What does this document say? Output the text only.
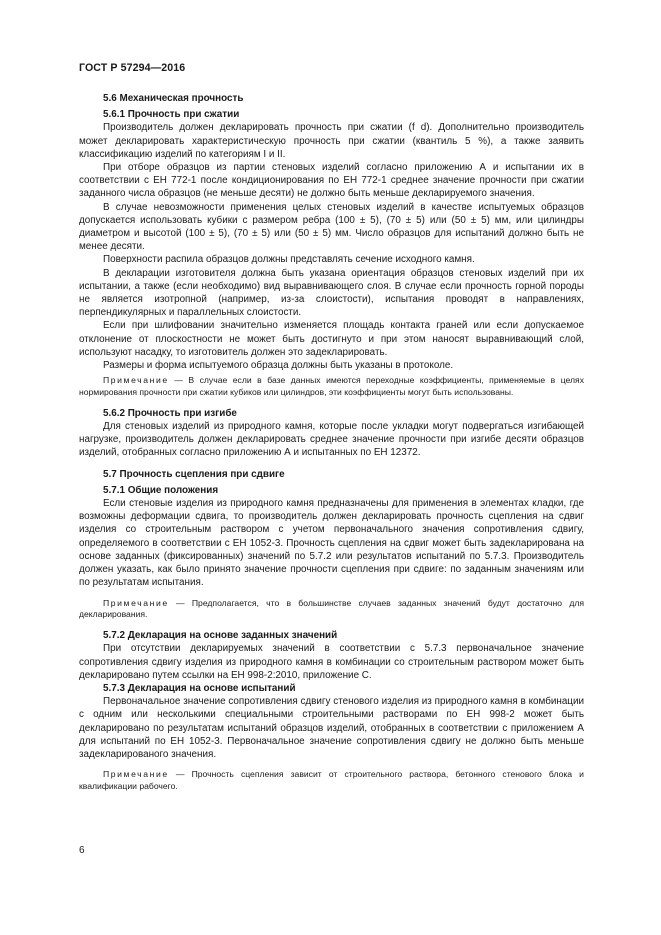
ГОСТ Р 57294—2016

5.6 Механическая прочность

5.6.1 Прочность при сжатии

Производитель должен декларировать прочность при сжатии (f d). Дополнительно производитель может декларировать характеристическую прочность при сжатии (квантиль 5 %), а также заявить классификацию изделий по категориям I и II.

При отборе образцов из партии стеновых изделий согласно приложению А и испытании их в соответствии с ЕН 772-1 после кондиционирования по ЕН 772-1 среднее значение прочности при сжатии заданного числа образцов (не меньше десяти) не должно быть меньше декларируемого значения.

В случае невозможности применения целых стеновых изделий в качестве испытуемых образцов допускается использовать кубики с размером ребра (100 ± 5), (70 ± 5) или (50 ± 5) мм, или цилиндры диаметром и высотой (100 ± 5), (70 ± 5) или (50 ± 5) мм. Число образцов для испытаний должно быть не менее десяти.

Поверхности распила образцов должны представлять сечение исходного камня.

В декларации изготовителя должна быть указана ориентация образцов стеновых изделий при их испытании, а также (если необходимо) вид выравнивающего слоя. В случае если прочность горной породы не является изотропной (например, из-за слоистости), испытания проводят в направлениях, перпендикулярных и параллельных слоистости.

Если при шлифовании значительно изменяется площадь контакта граней или если допускаемое отклонение от плоскостности не может быть достигнуто и при этом наносят выравнивающий слой, используют насадку, то изготовитель должен это задекларировать.

Размеры и форма испытуемого образца должны быть указаны в протоколе.

Примечание — В случае если в базе данных имеются переходные коэффициенты, применяемые в целях нормирования прочности при сжатии кубиков или цилиндров, эти коэффициенты могут быть использованы.

5.6.2 Прочность при изгибе

Для стеновых изделий из природного камня, которые после укладки могут подвергаться изгибающей нагрузке, производитель должен декларировать среднее значение прочности при изгибе десяти образцов изделий, отобранных согласно приложению А и испытанных по ЕН 12372.

5.7 Прочность сцепления при сдвиге

5.7.1 Общие положения

Если стеновые изделия из природного камня предназначены для применения в элементах кладки, где возможны деформации сдвига, то производитель должен декларировать прочность сцепления на сдвиг изделия со строительным раствором с учетом первоначального значения сопротивления сдвигу, определяемого в соответствии с ЕН 1052-3. Прочность сцепления на сдвиг может быть задекларирована на основе заданных (фиксированных) значений по 5.7.2 или результатов испытаний по 5.7.3. Производитель должен указать, как было принято значение прочности сцепления при сдвиге: по заданным значениям или по результатам испытания.

Примечание — Предполагается, что в большинстве случаев заданных значений будут достаточно для декларирования.

5.7.2 Декларация на основе заданных значений

При отсутствии декларируемых значений в соответствии с 5.7.3 первоначальное значение сопротивления сдвигу изделия из природного камня в комбинации со строительным раствором может быть декларировано путем ссылки на ЕН 998-2:2010, приложение С.

5.7.3 Декларация на основе испытаний

Первоначальное значение сопротивления сдвигу стеновогo изделия из природного камня в комбинации с одним или несколькими специальными строительными растворами по ЕН 998-2 может быть декларировано по результатам испытаний образцов изделий, отобранных в соответствии с приложением А для испытаний по ЕН 1052-3. Первоначальное значение сопротивления сдвигу не должно быть меньше задекларированого значения.

Примечание — Прочность сцепления зависит от строительного раствора, бетонного стенового блока и квалификации рабочего.

6
